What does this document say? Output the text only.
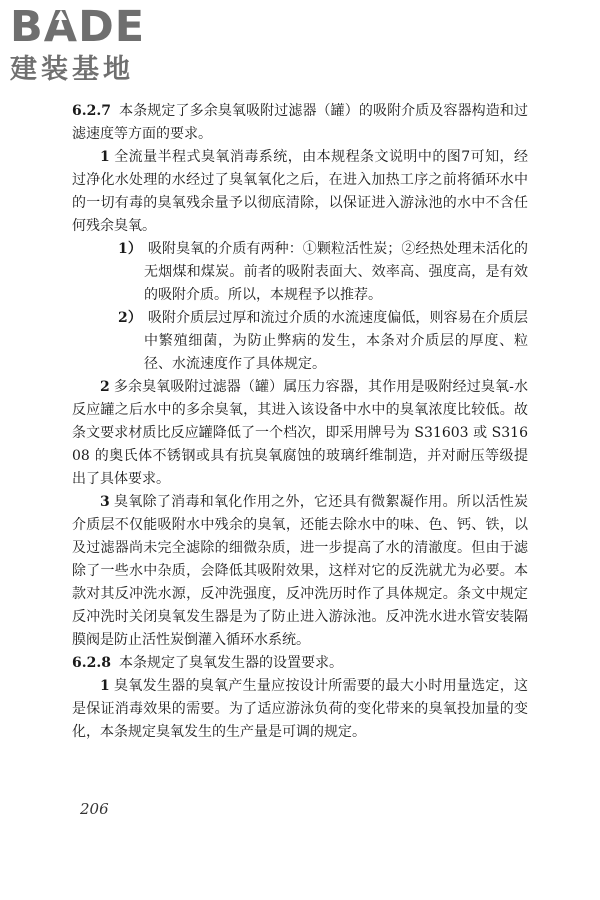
BADE
建装基地

6.2.7 本条规定了多余臭氧吸附过滤器（罐）的吸附介质及容器构造和过滤速度等方面的要求。

1 全流量半程式臭氧消毒系统，由本规程条文说明中的图7可知，经过净化水处理的水经过了臭氧氧化之后，在进入加热工序之前将循环水中的一切有毒的臭氧残余量予以彻底清除，以保证进入游泳池的水中不含任何残余臭氧。

1） 吸附臭氧的介质有两种：①颗粒活性炭；②经热处理未活化的无烟煤和煤炭。前者的吸附表面大、效率高、强度高，是有效的吸附介质。所以，本规程予以推荐。

2） 吸附介质层过厚和流过介质的水流速度偏低，则容易在介质层中繁殖细菌，为防止弊病的发生，本条对介质层的厚度、粒径、水流速度作了具体规定。

2 多余臭氧吸附过滤器（罐）属压力容器，其作用是吸附经过臭氧-水反应罐之后水中的多余臭氧，其进入该设备中水中的臭氧浓度比较低。故条文要求材质比反应罐降低了一个档次，即采用牌号为 S31603 或 S31608 的奥氏体不锈钢或具有抗臭氧腐蚀的玻璃纤维制造，并对耐压等级提出了具体要求。

3 臭氧除了消毒和氧化作用之外，它还具有微絮凝作用。所以活性炭介质层不仅能吸附水中残余的臭氧，还能去除水中的味、色、钙、铁，以及过滤器尚未完全滤除的细微杂质，进一步提高了水的清澈度。但由于滤除了一些水中杂质，会降低其吸附效果，这样对它的反洗就尤为必要。本款对其反冲洗水源，反冲洗强度，反冲洗历时作了具体规定。条文中规定反冲洗时关闭臭氧发生器是为了防止进入游泳池。反冲洗水进水管安装隔膜阀是防止活性炭倒灌入循环水系统。

6.2.8 本条规定了臭氧发生器的设置要求。

1 臭氧发生器的臭氧产生量应按设计所需要的最大小时用量选定，这是保证消毒效果的需要。为了适应游泳负荷的变化带来的臭氧投加量的变化，本条规定臭氧发生的生产量是可调的规定。

206
